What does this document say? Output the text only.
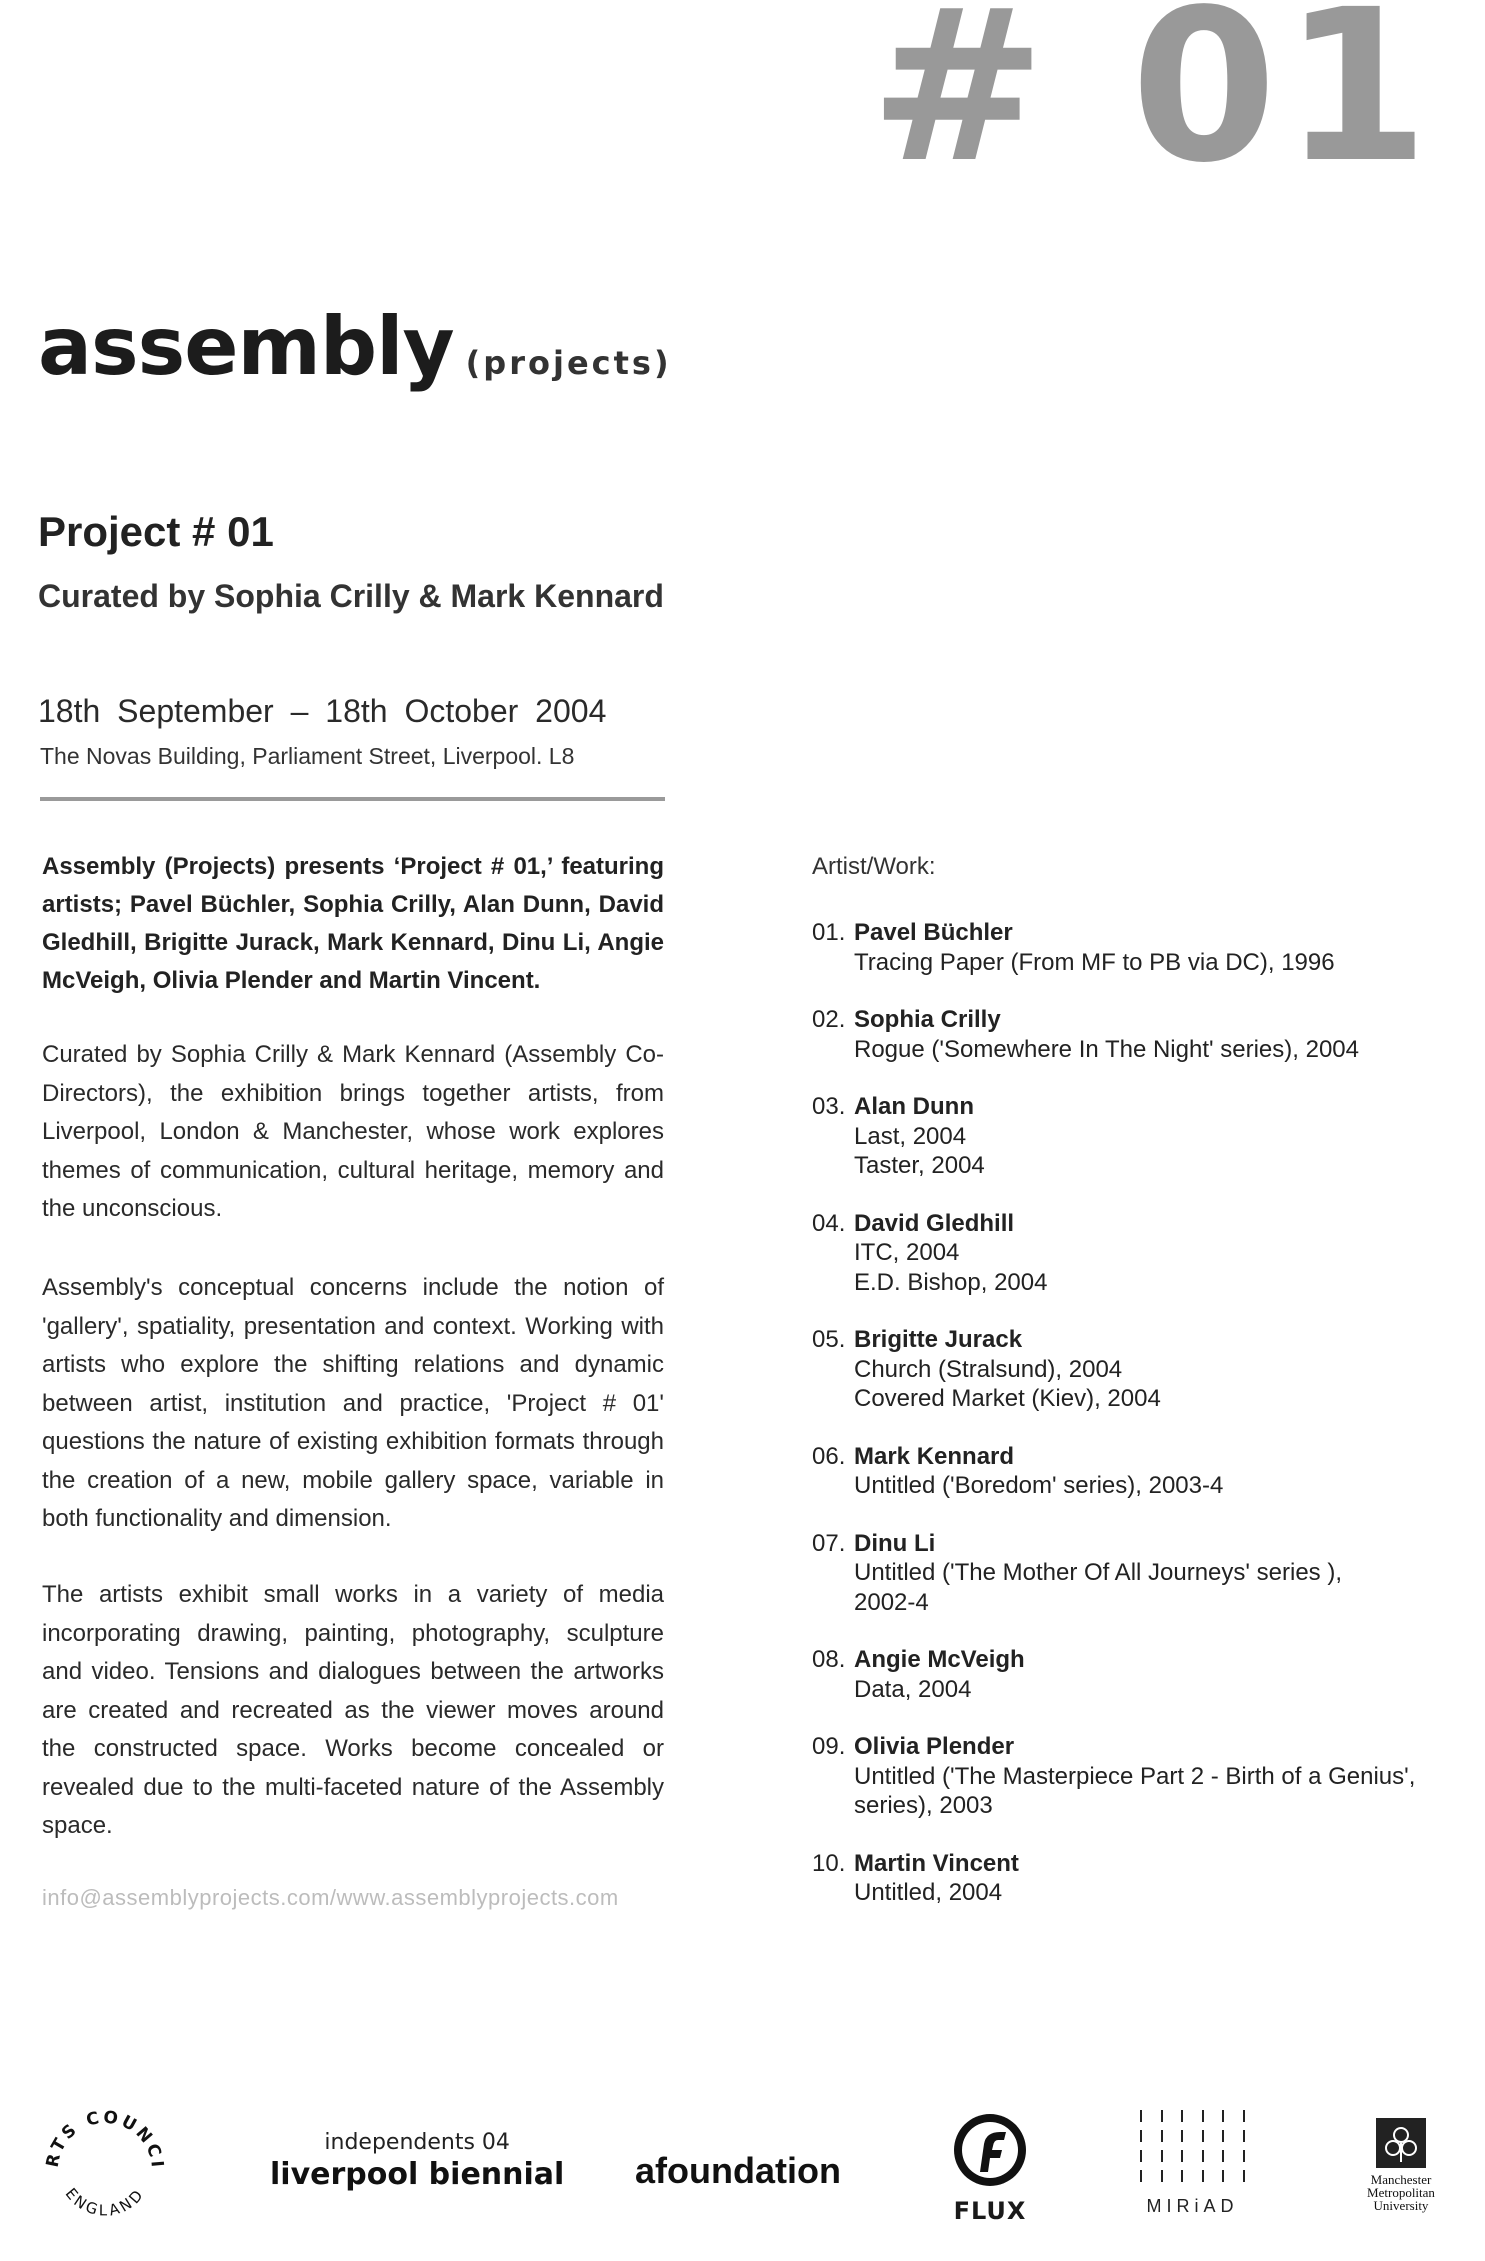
# 01
assembly (projects)
Project # 01
Curated by Sophia Crilly & Mark Kennard
18th September – 18th October 2004
The Novas Building, Parliament Street, Liverpool. L8
Assembly (Projects) presents ‘Project # 01,’ featuring artists; Pavel Büchler, Sophia Crilly, Alan Dunn, David Gledhill, Brigitte Jurack, Mark Kennard, Dinu Li, Angie McVeigh, Olivia Plender and Martin Vincent.
Curated by Sophia Crilly & Mark Kennard (Assembly Co-Directors), the exhibition brings together artists, from Liverpool, London & Manchester, whose work explores themes of communication, cultural heritage, memory and the unconscious.
Assembly's conceptual concerns include the notion of 'gallery', spatiality, presentation and context. Working with artists who explore the shifting relations and dynamic between artist, institution and practice, 'Project # 01' questions the nature of existing exhibition formats through the creation of a new, mobile gallery space, variable in both functionality and dimension.
The artists exhibit small works in a variety of media incorporating drawing, painting, photography, sculpture and video. Tensions and dialogues between the artworks are created and recreated as the viewer moves around the constructed space. Works become concealed or revealed due to the multi-faceted nature of the Assembly space.
info@assemblyprojects.com/www.assemblyprojects.com
Artist/Work:
01. Pavel Büchler
Tracing Paper (From MF to PB via DC), 1996
02. Sophia Crilly
Rogue ('Somewhere In The Night' series), 2004
03. Alan Dunn
Last, 2004
Taster, 2004
04. David Gledhill
ITC, 2004
E.D. Bishop, 2004
05. Brigitte Jurack
Church (Stralsund), 2004
Covered Market (Kiev), 2004
06. Mark Kennard
Untitled ('Boredom' series), 2003-4
07. Dinu Li
Untitled ('The Mother Of All Journeys' series ),
2002-4
08. Angie McVeigh
Data, 2004
09. Olivia Plender
Untitled ('The Masterpiece Part 2 - Birth of a Genius',
series), 2003
10. Martin Vincent
Untitled, 2004
RTS COUNCI
ENGLAND
independents 04
liverpool biennial afoundation
FLUX	MIRiAD
Manchester
Metropolitan
University
